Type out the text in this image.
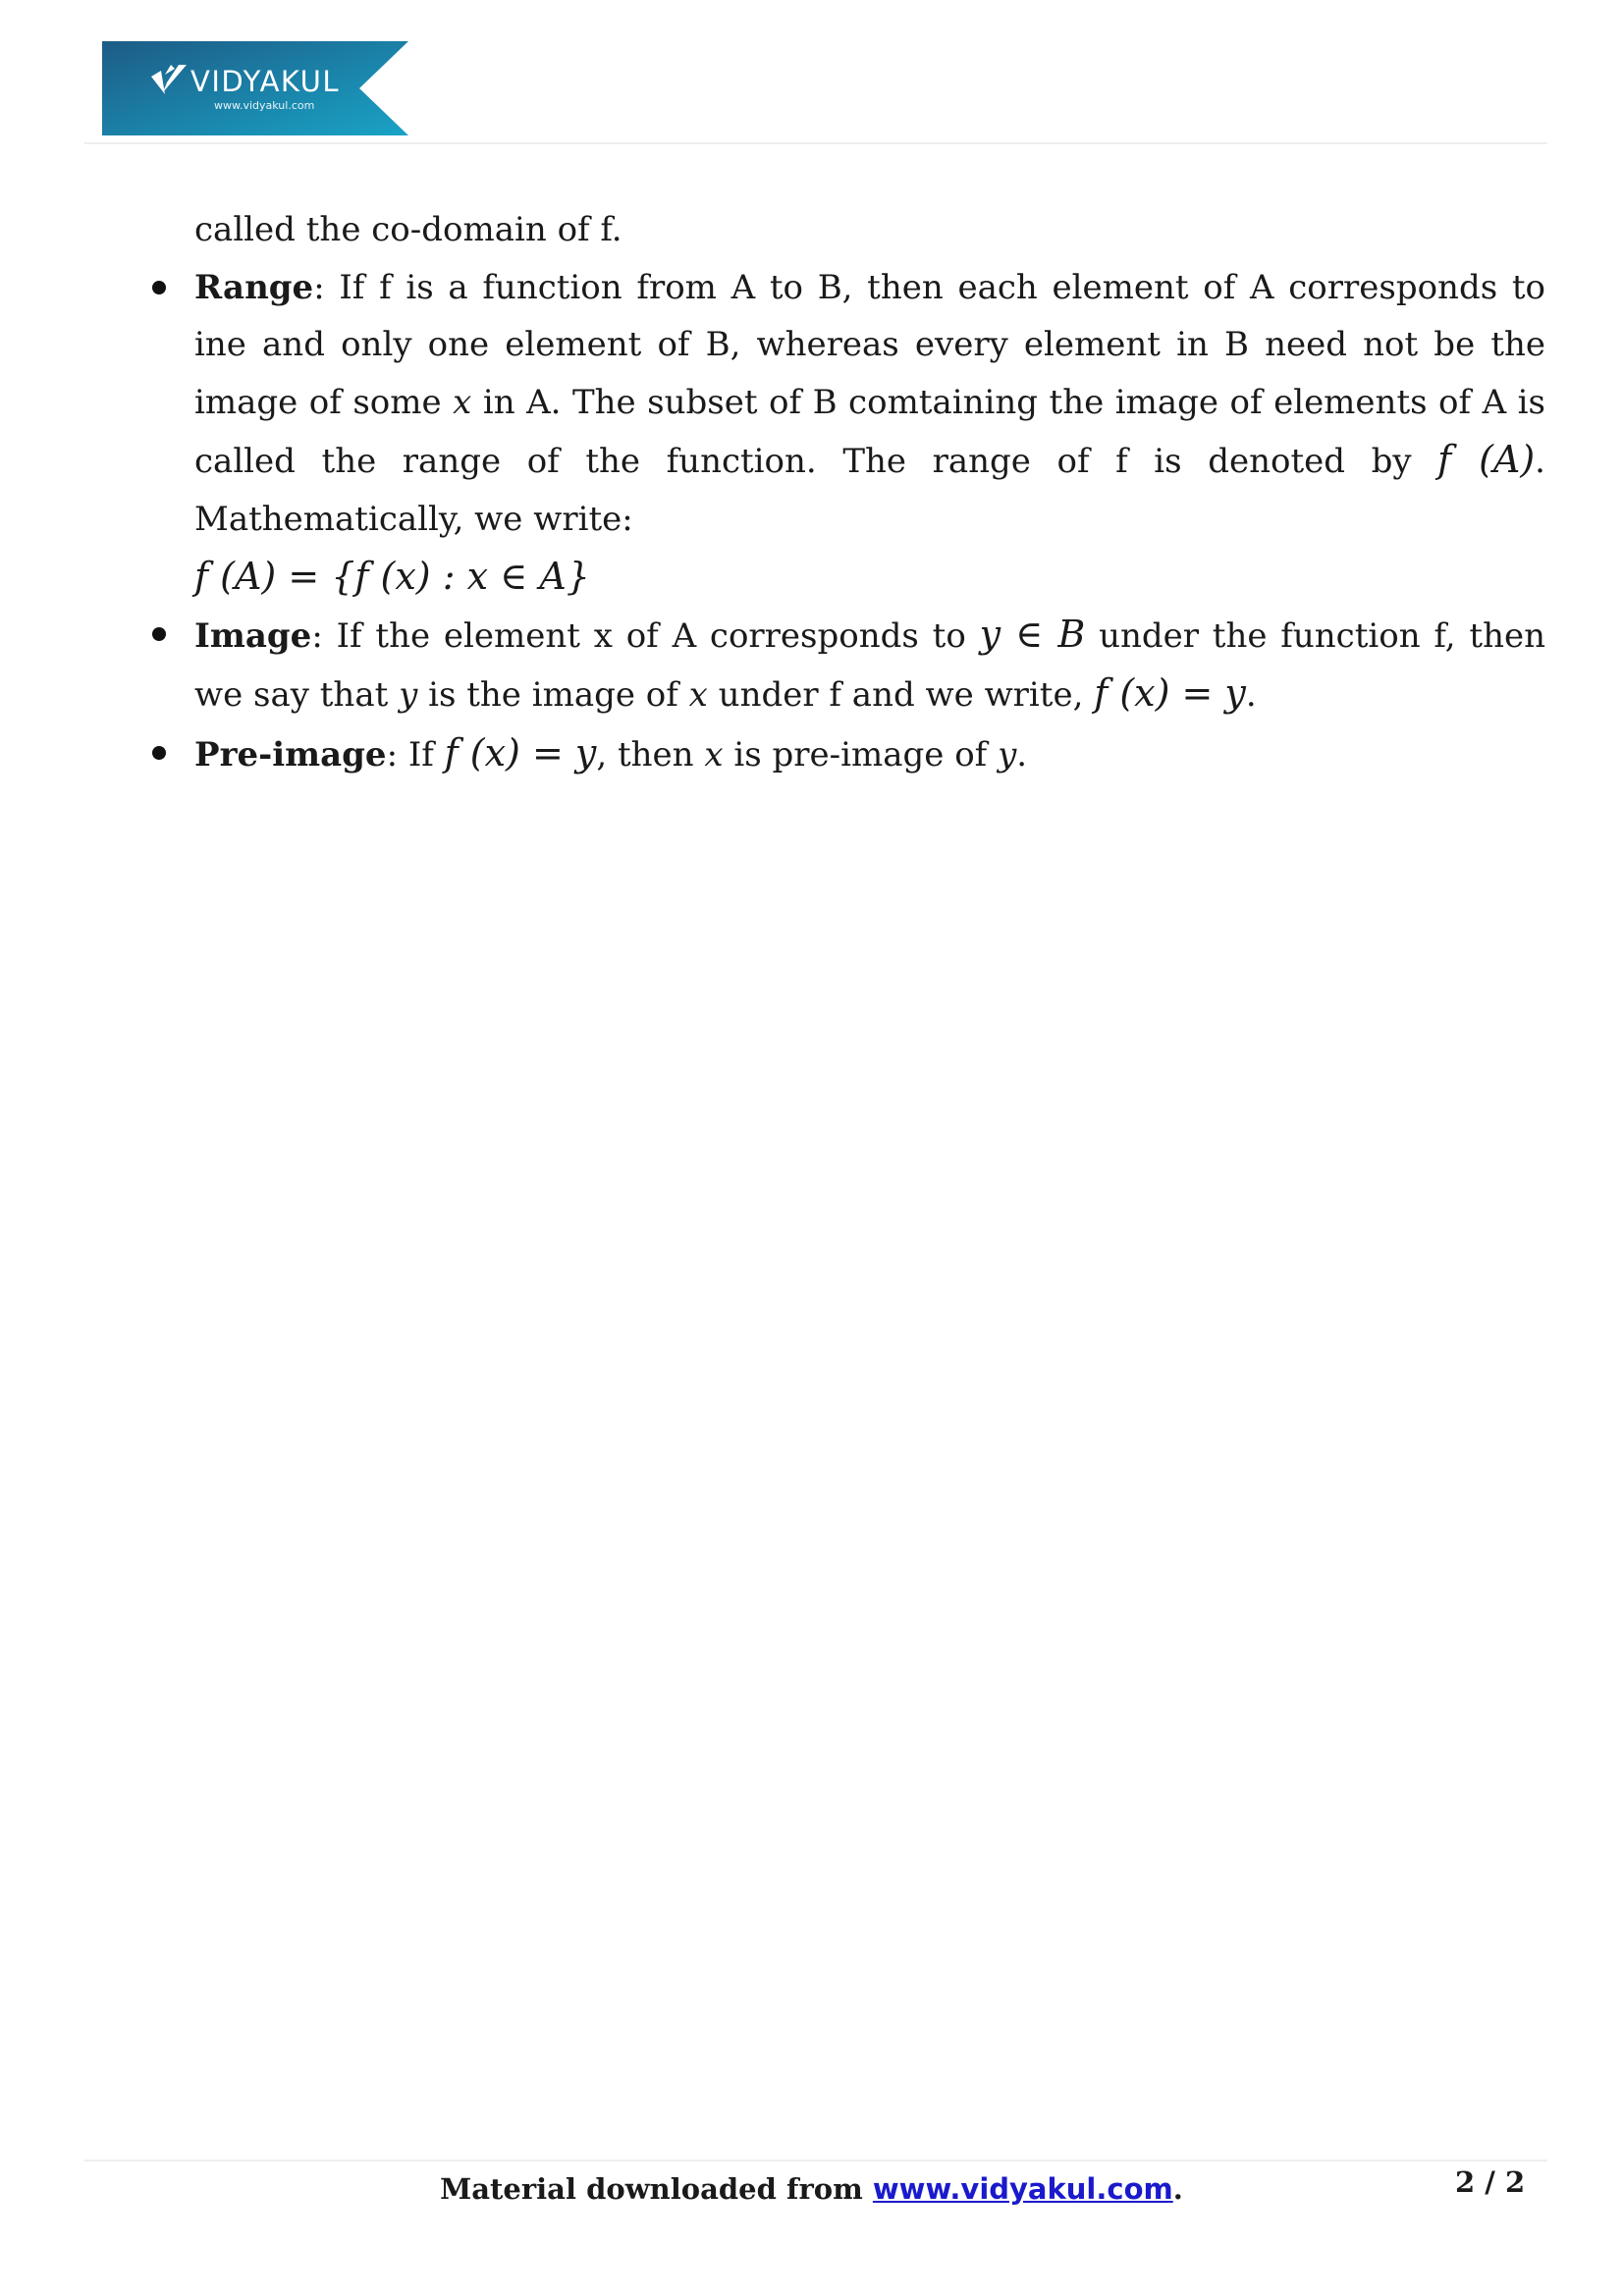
VIDYAKUL
www.vidyakul.com

called the co-domain of f.

Range: If f is a function from A to B, then each element of A corresponds to ine and only one element of B, whereas every element in B need not be the image of some x in A. The subset of B comtaining the image of elements of A is called the range of the function. The range of f is denoted by f (A). Mathematically, we write:
f (A) = {f (x) : x ∈ A}
Image: If the element x of A corresponds to y ∈ B under the function f, then we say that y is the image of x under f and we write, f (x) = y.
Pre-image: If f (x) = y, then x is pre-image of y.
Material downloaded from www.vidyakul.com.	2 / 2
